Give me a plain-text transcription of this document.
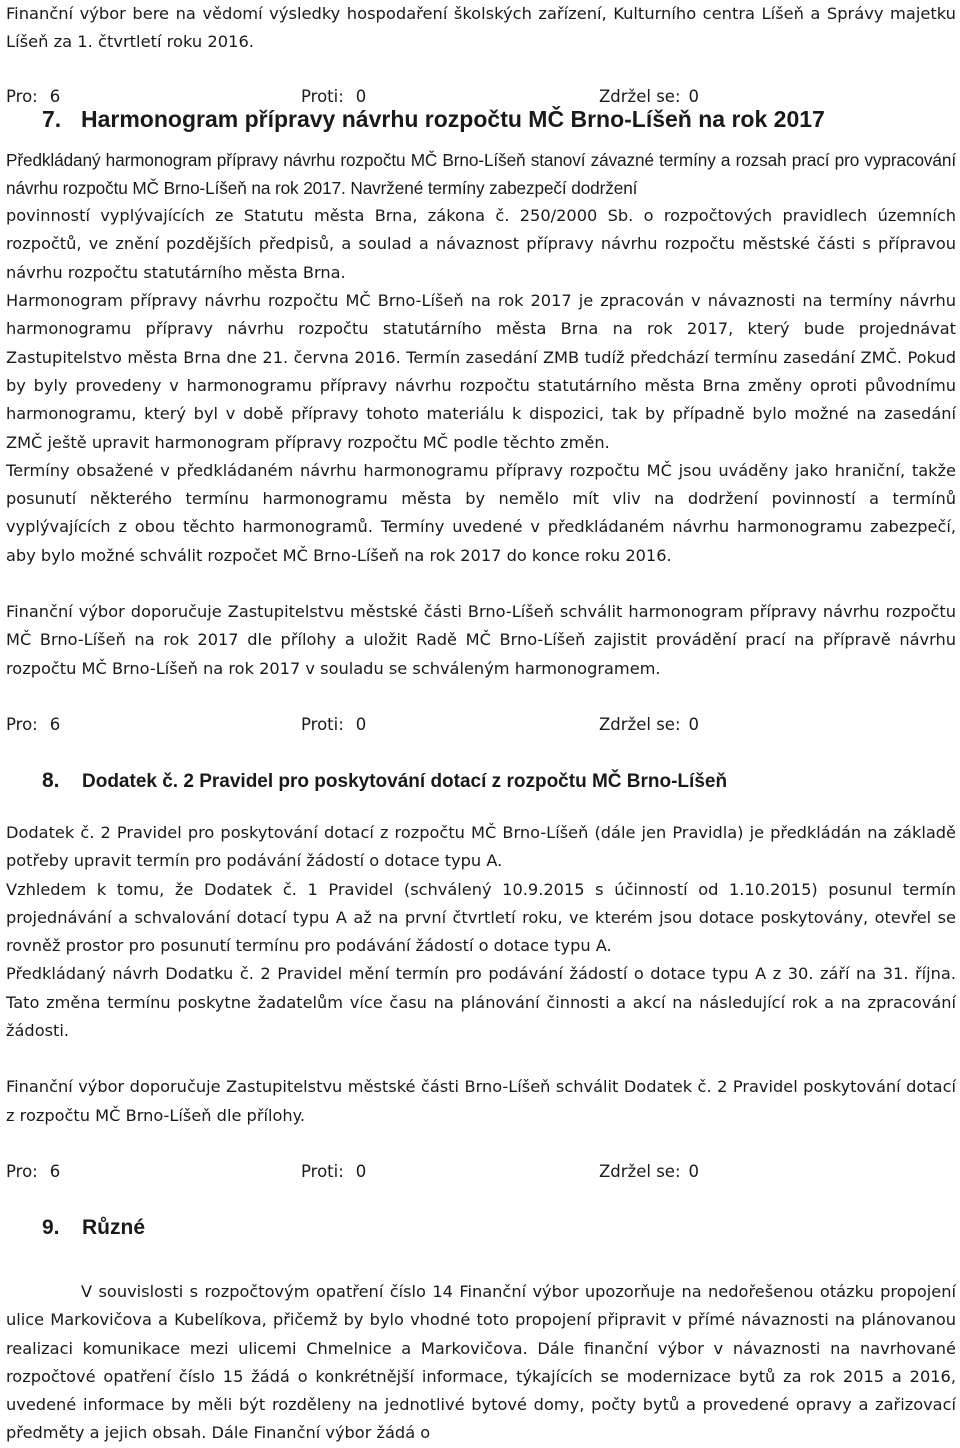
Finanční výbor bere na vědomí výsledky hospodaření školských zařízení, Kulturního centra Líšeň a Správy majetku Líšeň za 1. čtvrtletí roku 2016.

Pro: 6	Proti: 0	Zdržel se: 0
7. Harmonogram přípravy návrhu rozpočtu MČ Brno-Líšeň na rok 2017

Předkládaný harmonogram přípravy návrhu rozpočtu MČ Brno-Líšeň stanoví závazné termíny a rozsah prací pro vypracování návrhu rozpočtu MČ Brno-Líšeň na rok 2017. Navržené termíny zabezpečí dodržení

povinností vyplývajících ze Statutu města Brna, zákona č. 250/2000 Sb. o rozpočtových pravidlech územních rozpočtů, ve znění pozdějších předpisů, a soulad a návaznost přípravy návrhu rozpočtu městské části s přípravou návrhu rozpočtu statutárního města Brna.

Harmonogram přípravy návrhu rozpočtu MČ Brno-Líšeň na rok 2017 je zpracován v návaznosti na termíny návrhu harmonogramu přípravy návrhu rozpočtu statutárního města Brna na rok 2017, který bude projednávat Zastupitelstvo města Brna dne 21. června 2016. Termín zasedání ZMB tudíž předchází termínu zasedání ZMČ. Pokud by byly provedeny v harmonogramu přípravy návrhu rozpočtu statutárního města Brna změny oproti původnímu harmonogramu, který byl v době přípravy tohoto materiálu k dispozici, tak by případně bylo možné na zasedání ZMČ ještě upravit harmonogram přípravy rozpočtu MČ podle těchto změn.

Termíny obsažené v předkládaném návrhu harmonogramu přípravy rozpočtu MČ jsou uváděny jako hraniční, takže posunutí některého termínu harmonogramu města by nemělo mít vliv na dodržení povinností a termínů vyplývajících z obou těchto harmonogramů. Termíny uvedené v předkládaném návrhu harmonogramu zabezpečí, aby bylo možné schválit rozpočet MČ Brno-Líšeň na rok 2017 do konce roku 2016.

Finanční výbor doporučuje Zastupitelstvu městské části Brno-Líšeň schválit harmonogram přípravy návrhu rozpočtu MČ Brno-Líšeň na rok 2017 dle přílohy a uložit Radě MČ Brno-Líšeň zajistit provádění prací na přípravě návrhu rozpočtu MČ Brno-Líšeň na rok 2017 v souladu se schváleným harmonogramem.

Pro: 6	Proti: 0	Zdržel se: 0
8. Dodatek č. 2 Pravidel pro poskytování dotací z rozpočtu MČ Brno-Líšeň

Dodatek č. 2 Pravidel pro poskytování dotací z rozpočtu MČ Brno-Líšeň (dále jen Pravidla) je předkládán na základě potřeby upravit termín pro podávání žádostí o dotace typu A.

Vzhledem k tomu, že Dodatek č. 1 Pravidel (schválený 10.9.2015 s účinností od 1.10.2015) posunul termín projednávání a schvalování dotací typu A až na první čtvrtletí roku, ve kterém jsou dotace poskytovány, otevřel se rovněž prostor pro posunutí termínu pro podávání žádostí o dotace typu A.

Předkládaný návrh Dodatku č. 2 Pravidel mění termín pro podávání žádostí o dotace typu A z 30. září na 31. října. Tato změna termínu poskytne žadatelům více času na plánování činnosti a akcí na následující rok a na zpracování žádosti.

Finanční výbor doporučuje Zastupitelstvu městské části Brno-Líšeň schválit Dodatek č. 2 Pravidel poskytování dotací z rozpočtu MČ Brno-Líšeň dle přílohy.

Pro: 6	Proti: 0	Zdržel se: 0
9. Různé

V souvislosti s rozpočtovým opatření číslo 14 Finanční výbor upozorňuje na nedořešenou otázku propojení ulice Markovičova a Kubelíkova, přičemž by bylo vhodné toto propojení připravit v přímé návaznosti na plánovanou realizaci komunikace mezi ulicemi Chmelnice a Markovičova. Dále finanční výbor v návaznosti na navrhované rozpočtové opatření číslo 15 žádá o konkrétnější informace, týkajících se modernizace bytů za rok 2015 a 2016, uvedené informace by měli být rozděleny na jednotlivé bytové domy, počty bytů a provedené opravy a zařizovací předměty a jejich obsah. Dále Finanční výbor žádá o
